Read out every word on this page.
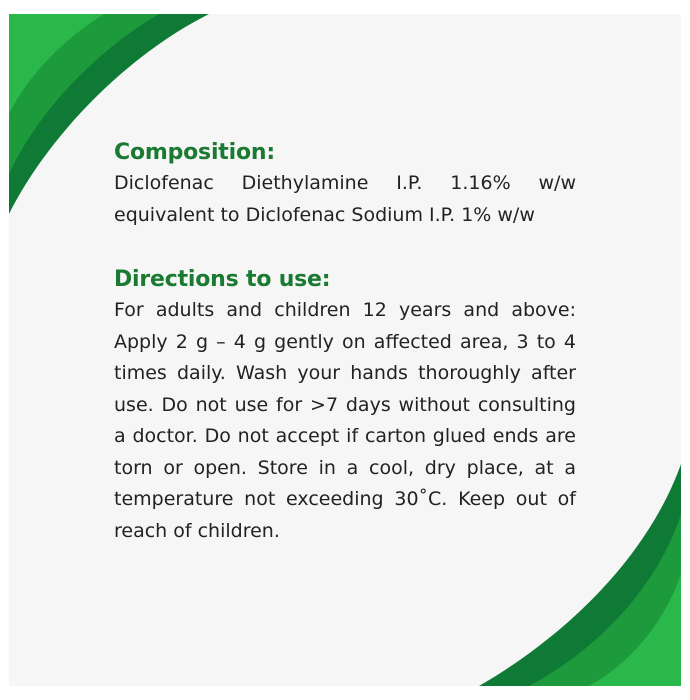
Composition:

Diclofenac Diethylamine I.P. 1.16% w/w equivalent to Diclofenac Sodium I.P. 1% w/w

Directions to use:

For adults and children 12 years and above: Apply 2 g – 4 g gently on affected area, 3 to 4 times daily. Wash your hands thoroughly after use. Do not use for >7 days without consulting a doctor. Do not accept if carton glued ends are torn or open. Store in a cool, dry place, at a temperature not exceeding 30˚C. Keep out of reach of children.
